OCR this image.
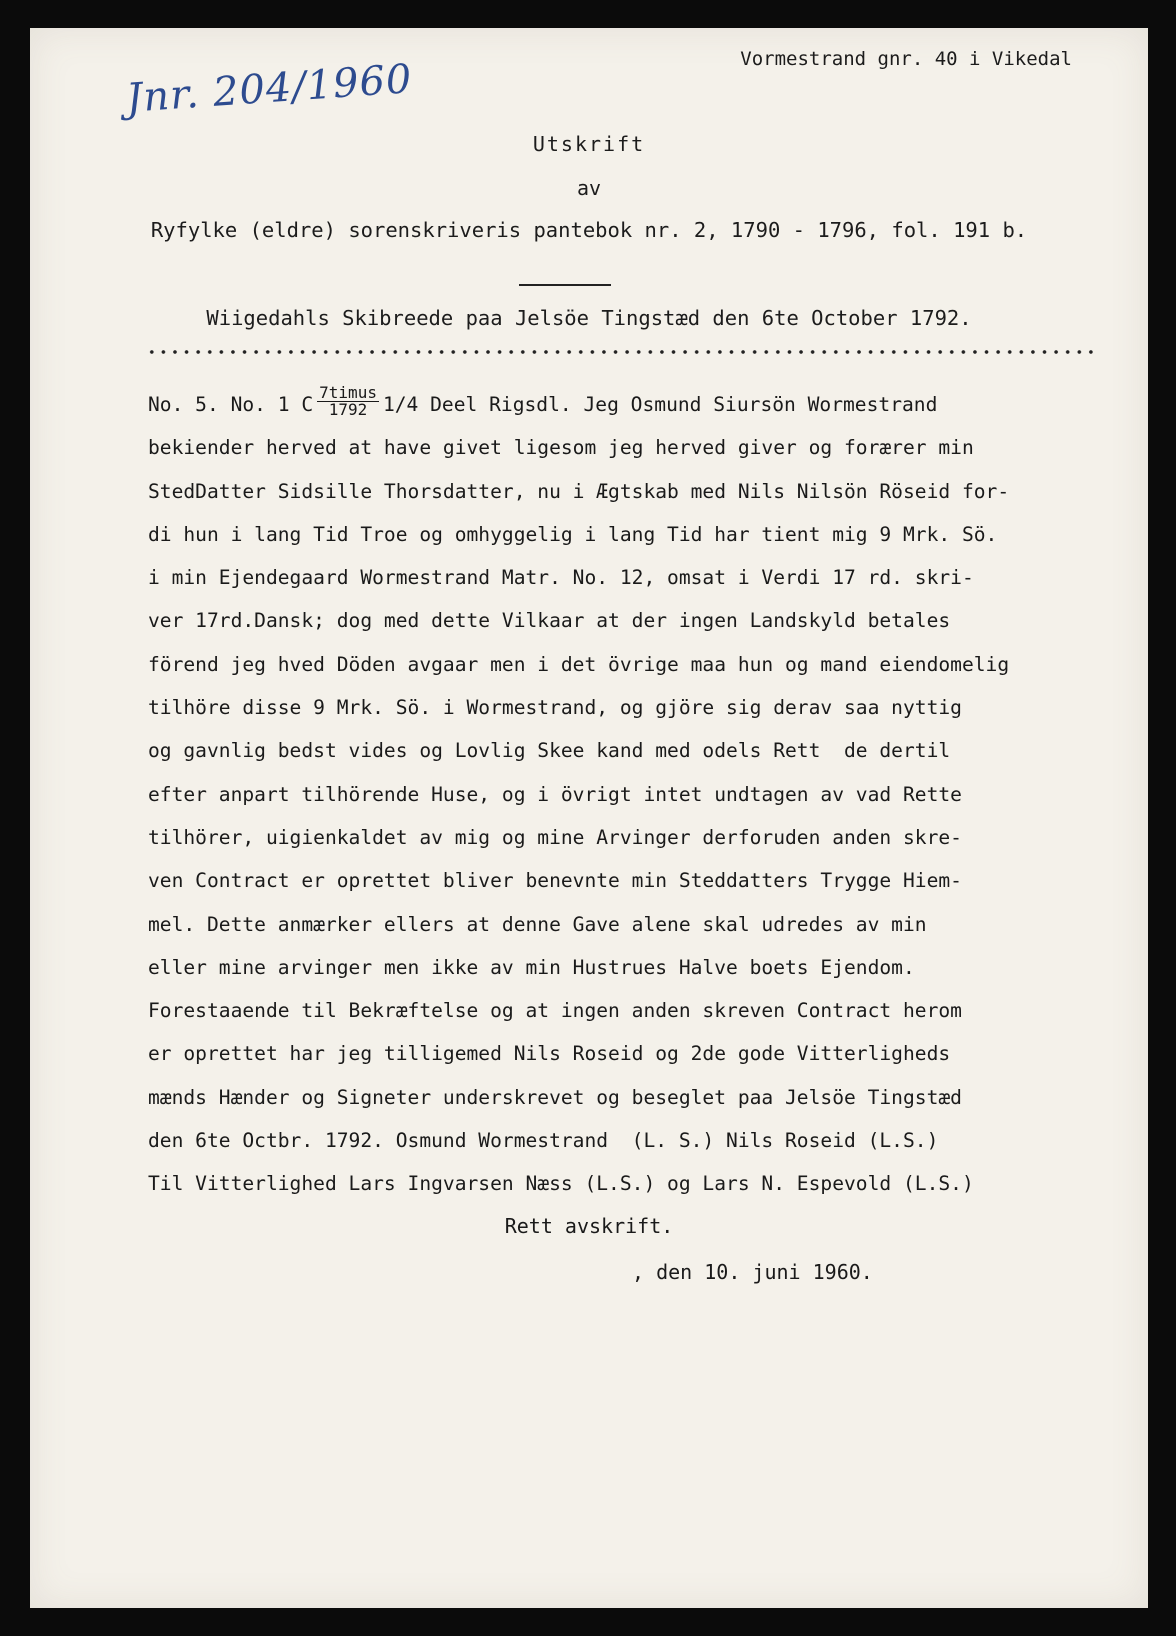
Jnr. 204/1960	Vormestrand gnr. 40 i Vikedal
Utskrift
av
Ryfylke (eldre) sorenskriveris pantebok nr. 2, 1790 - 1796, fol. 191 b.
Wiigedahls Skibreede paa Jelsöe Tingstæd den 6te October 1792.
No. 5. No. 1 C $\frac{\text{7timus}}{1792} 1/4$ Deel Rigsdl. Jeg Osmund Siursön Wormestrand
bekiender herved at have givet ligesom jeg herved giver og forærer min
StedDatter Sidsille Thorsdatter, nu i Ægtskab med Nils Nilsön Röseid for-
di hun i lang Tid Troe og omhyggelig i lang Tid har tient mig 9 Mrk. Sö.
i min Ejendegaard Wormestrand Matr. No. 12, omsat i Verdi 17 rd. skri-
ver 17rd.Dansk; dog med dette Vilkaar at der ingen Landskyld betales
förend jeg hved Döden avgaar men i det övrige maa hun og mand eiendomelig
tilhöre disse 9 Mrk. Sö. i Wormestrand, og gjöre sig derav saa nyttig
og gavnlig bedst vides og Lovlig Skee kand med odels Rett  de dertil
efter anpart tilhörende Huse, og i övrigt intet undtagen av vad Rette
tilhörer, uigienkaldet av mig og mine Arvinger derforuden anden skre-
ven Contract er oprettet bliver benevnte min Steddatters Trygge Hiem-
mel. Dette anmærker ellers at denne Gave alene skal udredes av min
eller mine arvinger men ikke av min Hustrues Halve boets Ejendom.
Forestaaende til Bekræftelse og at ingen anden skreven Contract herom
er oprettet har jeg tilligemed Nils Roseid og 2de gode Vitterligheds
mænds Hænder og Signeter underskrevet og beseglet paa Jelsöe Tingstæd
den 6te Octbr. 1792. Osmund Wormestrand  (L. S.) Nils Roseid (L.S.)
Til Vitterlighed Lars Ingvarsen Næss (L.S.) og Lars N. Espevold (L.S.)
Rett avskrift.
, den 10. juni 1960.
